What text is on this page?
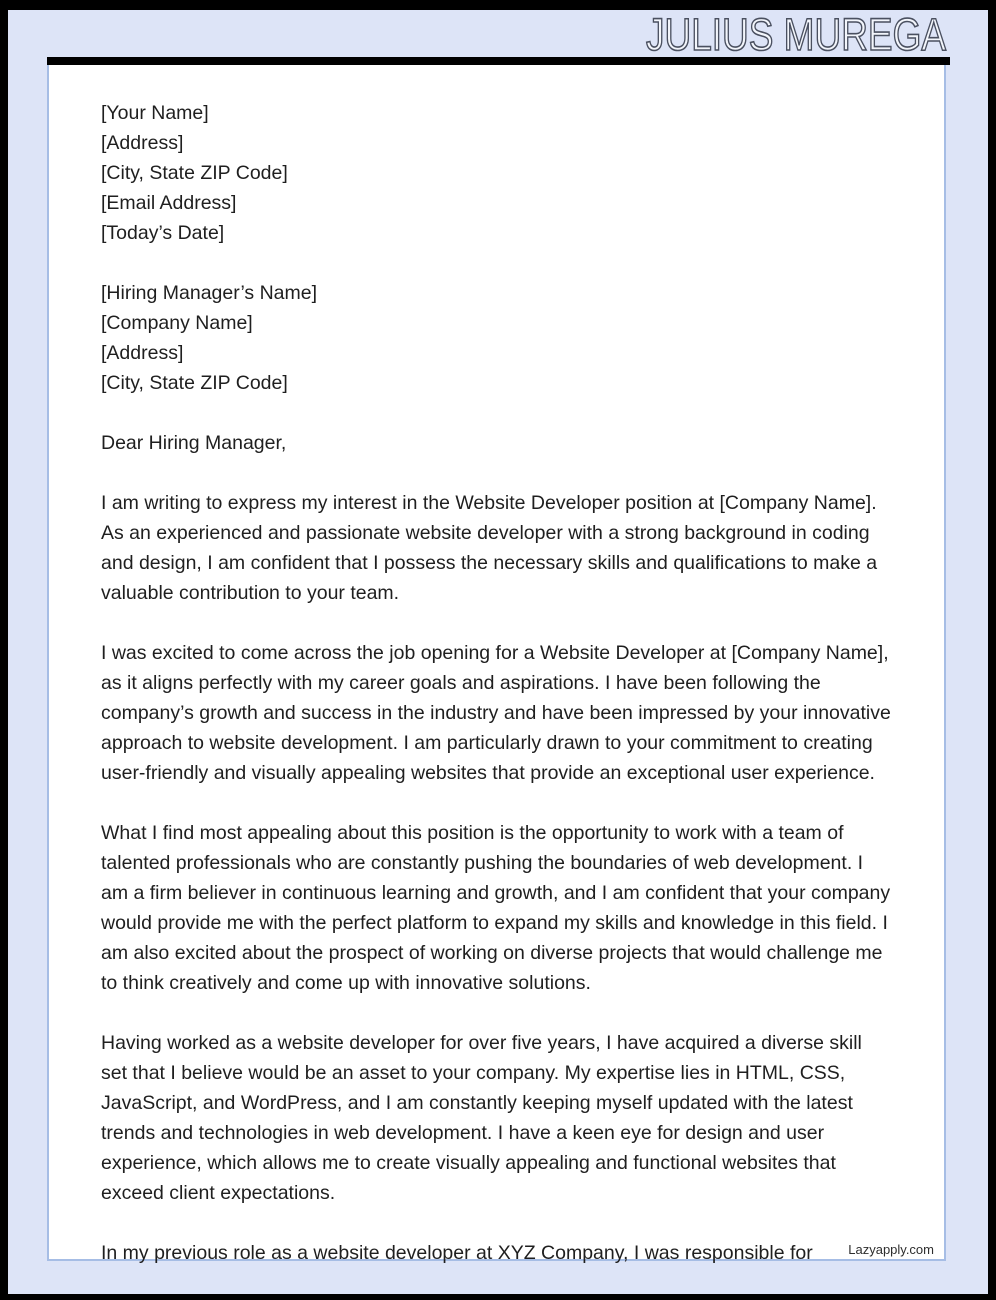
JULIUS MUREGA
[Your Name]
[Address]
[City, State ZIP Code]
[Email Address]
[Today’s Date]
[Hiring Manager’s Name]
[Company Name]
[Address]
[City, State ZIP Code]

Dear Hiring Manager,

I am writing to express my interest in the Website Developer position at [Company Name]. As an experienced and passionate website developer with a strong background in coding and design, I am confident that I possess the necessary skills and qualifications to make a valuable contribution to your team.

I was excited to come across the job opening for a Website Developer at [Company Name], as it aligns perfectly with my career goals and aspirations. I have been following the company’s growth and success in the industry and have been impressed by your innovative approach to website development. I am particularly drawn to your commitment to creating user-friendly and visually appealing websites that provide an exceptional user experience.

What I find most appealing about this position is the opportunity to work with a team of talented professionals who are constantly pushing the boundaries of web development. I am a firm believer in continuous learning and growth, and I am confident that your company would provide me with the perfect platform to expand my skills and knowledge in this field. I am also excited about the prospect of working on diverse projects that would challenge me to think creatively and come up with innovative solutions.

Having worked as a website developer for over five years, I have acquired a diverse skill set that I believe would be an asset to your company. My expertise lies in HTML, CSS, JavaScript, and WordPress, and I am constantly keeping myself updated with the latest trends and technologies in web development. I have a keen eye for design and user experience, which allows me to create visually appealing and functional websites that exceed client expectations.

In my previous role as a website developer at XYZ Company, I was responsible for	Lazyapply.com
